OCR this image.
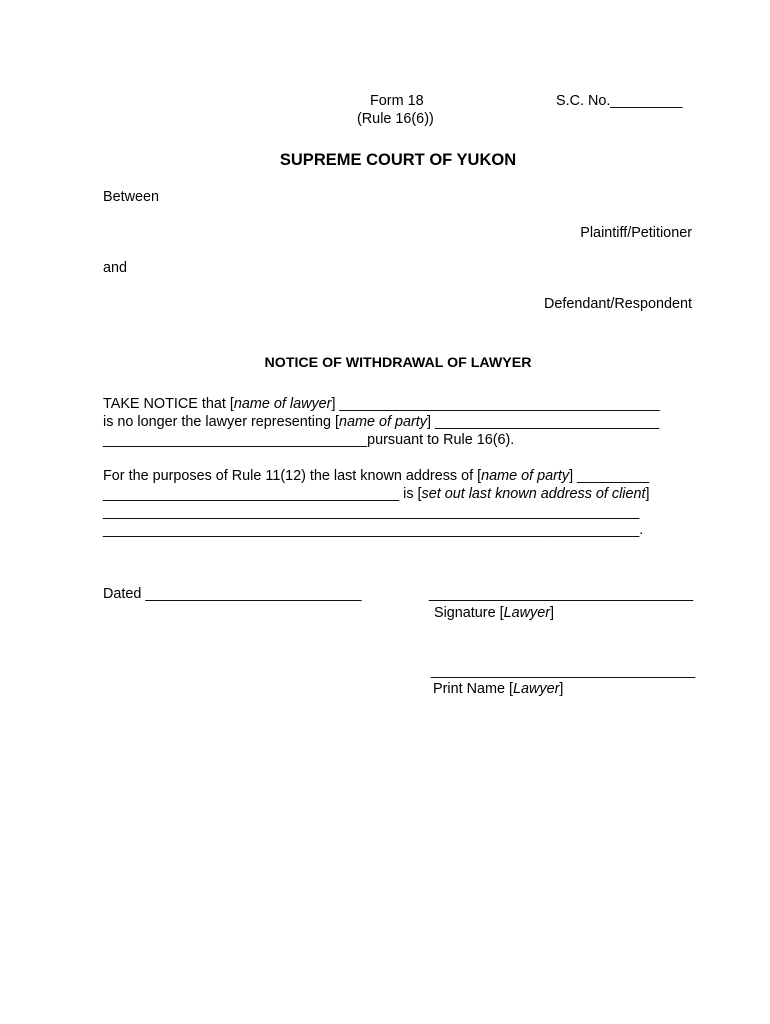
Form 18
(Rule 16(6))
S.C. No._________
SUPREME COURT OF YUKON
Between
Plaintiff/Petitioner
and
Defendant/Respondent
NOTICE OF WITHDRAWAL OF LAWYER
TAKE NOTICE that [name of lawyer] ________________________________________
is no longer the lawyer representing [name of party] ____________________________
_________________________________pursuant to Rule 16(6).
For the purposes of Rule 11(12) the last known address of [name of party] _________
_____________________________________ is [set out last known address of client]
___________________________________________________________________
___________________________________________________________________.
Dated ___________________________	_________________________________
Signature [Lawyer]
_________________________________
Print Name [Lawyer]
